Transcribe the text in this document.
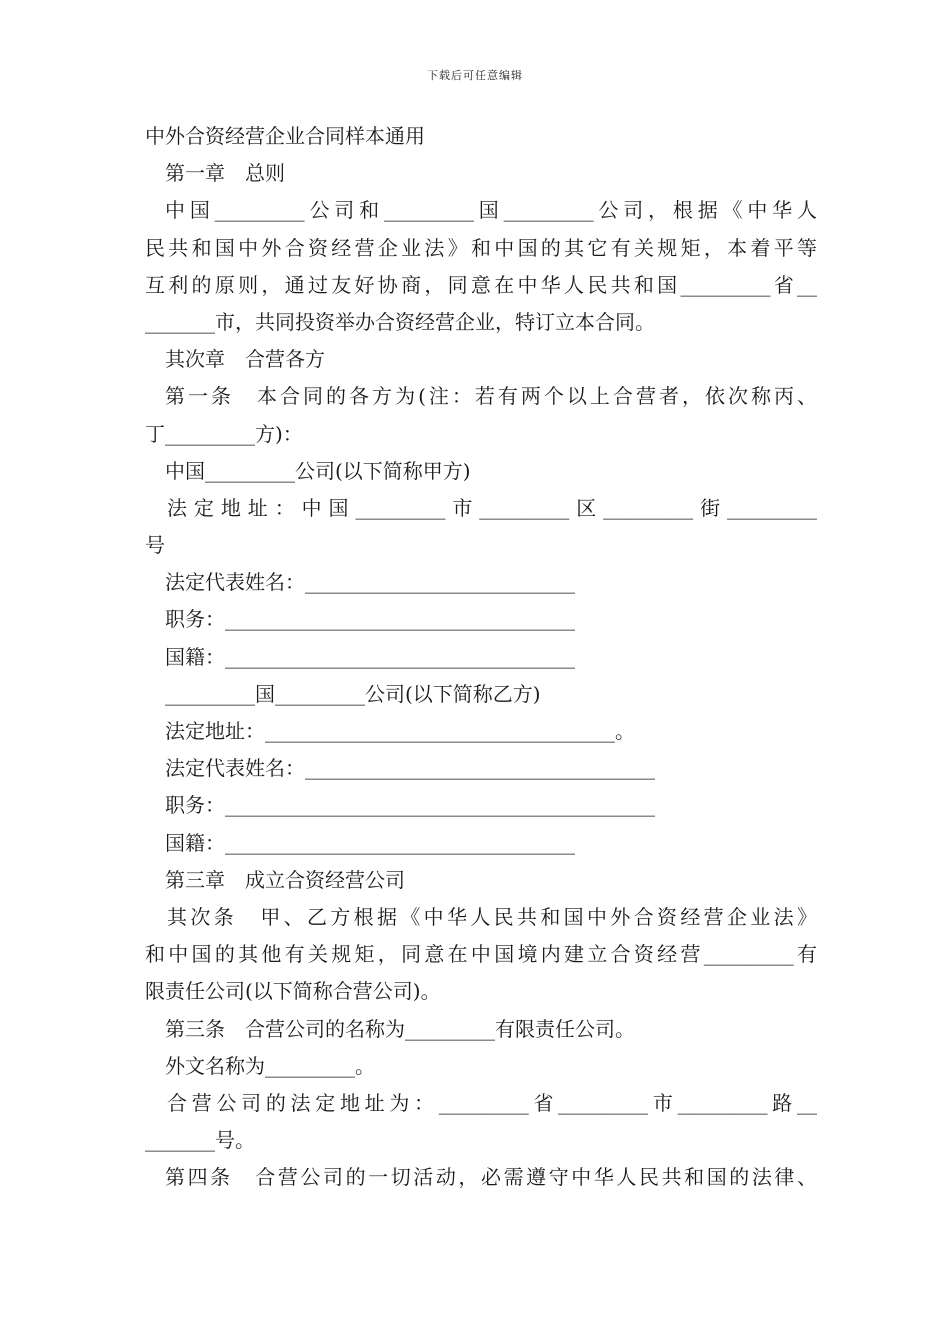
下载后可任意编辑
中外合资经营企业合同样本通用
第一章　总则
中国_________公司和_________国_________公司，根据《中华人
民共和国中外合资经营企业法》和中国的其它有关规矩，本着平等
互利的原则，通过友好协商，同意在中华人民共和国_________省__
_______市，共同投资举办合资经营企业，特订立本合同。
其次章　合营各方
第一条　本合同的各方为(注：若有两个以上合营者，依次称丙、
丁_________方)：
中国_________公司(以下简称甲方)
法定地址：中国_________市_________区_________街_________
号
法定代表姓名：___________________________
职务：___________________________________
国籍：___________________________________
_________国_________公司(以下简称乙方)
法定地址：___________________________________。
法定代表姓名：___________________________________
职务：___________________________________________
国籍：___________________________________
第三章　成立合资经营公司
其次条　甲、乙方根据《中华人民共和国中外合资经营企业法》
和中国的其他有关规矩，同意在中国境内建立合资经营_________有
限责任公司(以下简称合营公司)。
第三条　合营公司的名称为_________有限责任公司。
外文名称为_________。
合营公司的法定地址为：_________省_________市_________路__
_______号。
第四条　合营公司的一切活动，必需遵守中华人民共和国的法律、
